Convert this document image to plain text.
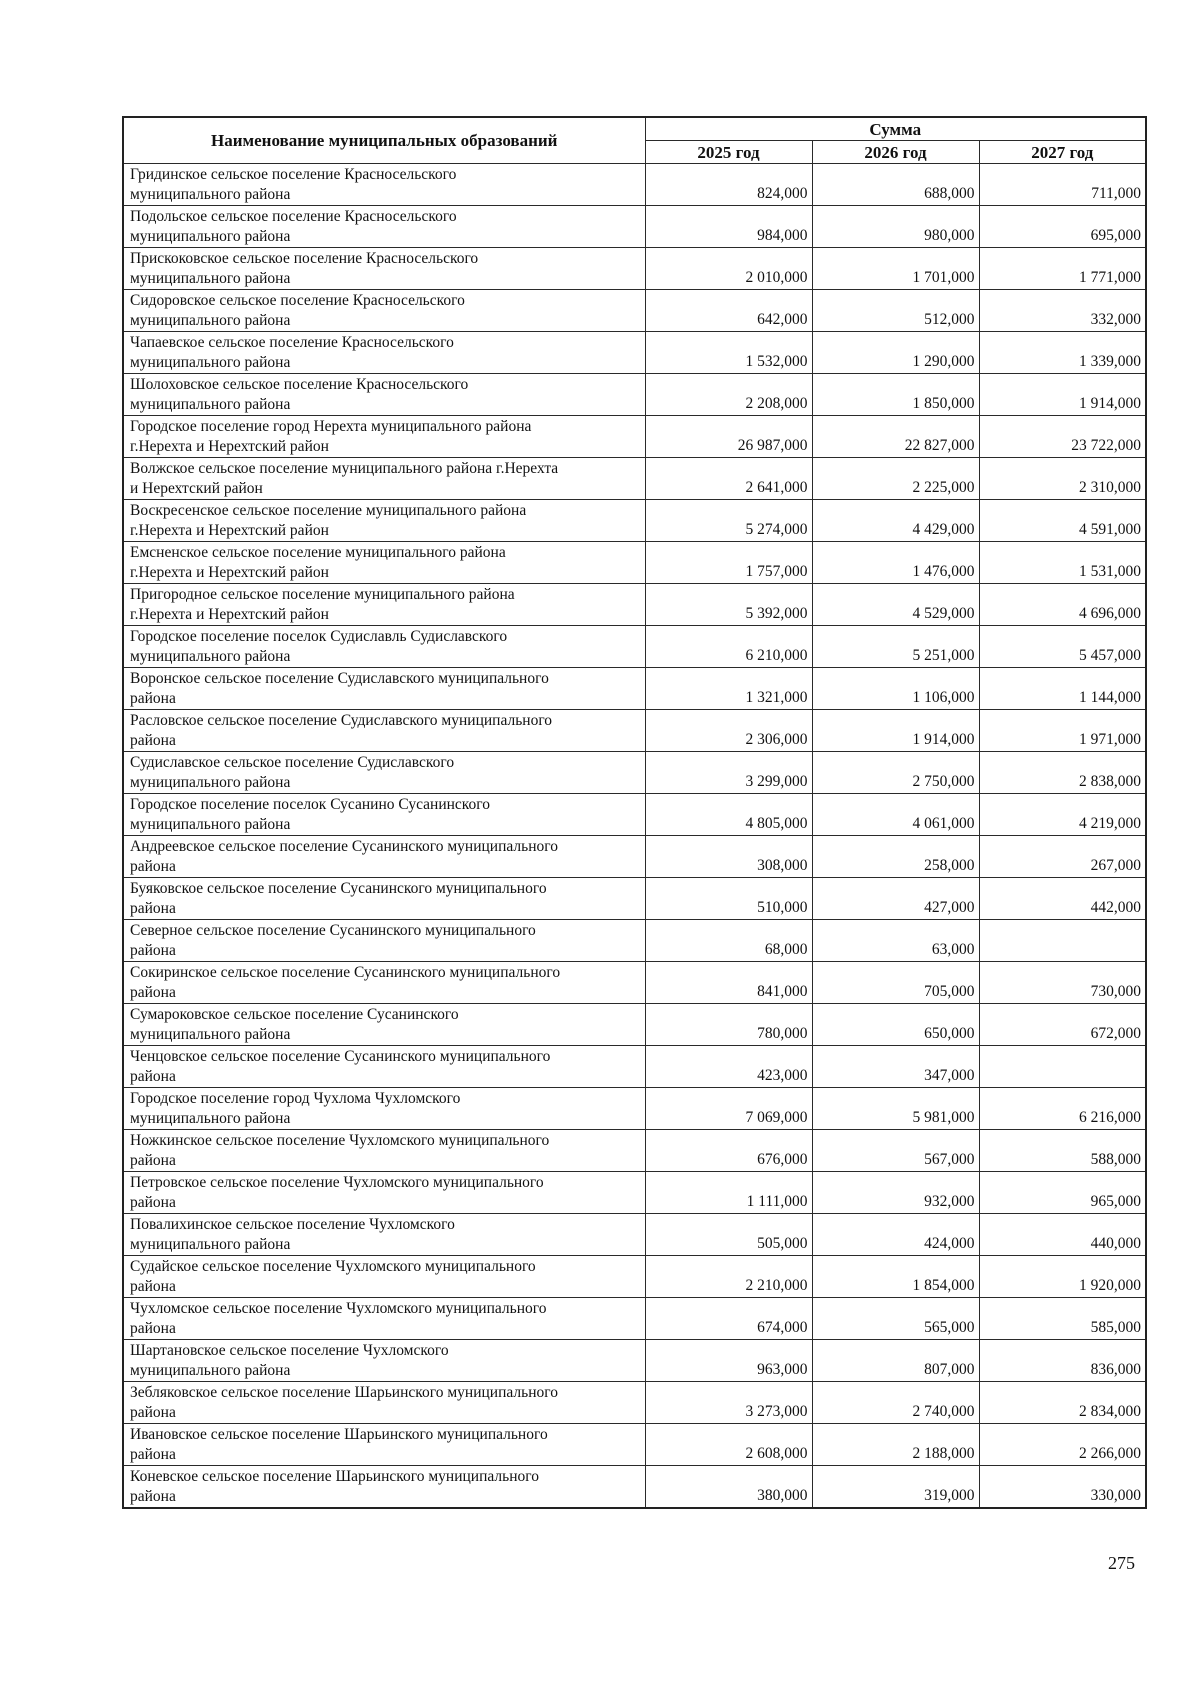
Наименование муниципальных образований	Сумма		
	2025 год	2026 год	2027 год

Гридинское сельское поселение Красносельского
муниципального района	824,000	688,000	711,000

Подольское сельское поселение Красносельского
муниципального района	984,000	980,000	695,000

Прискоковское сельское поселение Красносельского
муниципального района	2 010,000	1 701,000	1 771,000

Сидоровское сельское поселение Красносельского
муниципального района	642,000	512,000	332,000

Чапаевское сельское поселение Красносельского
муниципального района	1 532,000	1 290,000	1 339,000

Шолоховское сельское поселение Красносельского
муниципального района	2 208,000	1 850,000	1 914,000

Городское поселение город Нерехта муниципального района
г.Нерехта и Нерехтский район	26 987,000	22 827,000	23 722,000

Волжское сельское поселение муниципального района г.Нерехта
и Нерехтский район	2 641,000	2 225,000	2 310,000

Воскресенское сельское поселение муниципального района
г.Нерехта и Нерехтский район	5 274,000	4 429,000	4 591,000

Емсненское сельское поселение муниципального района
г.Нерехта и Нерехтский район	1 757,000	1 476,000	1 531,000

Пригородное сельское поселение муниципального района
г.Нерехта и Нерехтский район	5 392,000	4 529,000	4 696,000

Городское поселение поселок Судиславль Судиславского
муниципального района	6 210,000	5 251,000	5 457,000

Воронское сельское поселение Судиславского муниципального
района	1 321,000	1 106,000	1 144,000

Расловское сельское поселение Судиславского муниципального
района	2 306,000	1 914,000	1 971,000

Судиславское сельское поселение Судиславского
муниципального района	3 299,000	2 750,000	2 838,000

Городское поселение поселок Сусанино Сусанинского
муниципального района	4 805,000	4 061,000	4 219,000

Андреевское сельское поселение Сусанинского муниципального
района	308,000	258,000	267,000

Буяковское сельское поселение Сусанинского муниципального
района	510,000	427,000	442,000

Северное сельское поселение Сусанинского муниципального
района	68,000	63,000	

Сокиринское сельское поселение Сусанинского муниципального
района	841,000	705,000	730,000

Сумароковское сельское поселение Сусанинского
муниципального района	780,000	650,000	672,000

Ченцовское сельское поселение Сусанинского муниципального
района	423,000	347,000	

Городское поселение город Чухлома Чухломского
муниципального района	7 069,000	5 981,000	6 216,000

Ножкинское сельское поселение Чухломского муниципального
района	676,000	567,000	588,000

Петровское сельское поселение Чухломского муниципального
района	1 111,000	932,000	965,000

Повалихинское сельское поселение Чухломского
муниципального района	505,000	424,000	440,000

Судайское сельское поселение Чухломского муниципального
района	2 210,000	1 854,000	1 920,000

Чухломское сельское поселение Чухломского муниципального
района	674,000	565,000	585,000

Шартановское сельское поселение Чухломского
муниципального района	963,000	807,000	836,000

Зебляковское сельское поселение Шарьинского муниципального
района	3 273,000	2 740,000	2 834,000

Ивановское сельское поселение Шарьинского муниципального
района	2 608,000	2 188,000	2 266,000

Коневское сельское поселение Шарьинского муниципального
района	380,000	319,000	330,000
275
